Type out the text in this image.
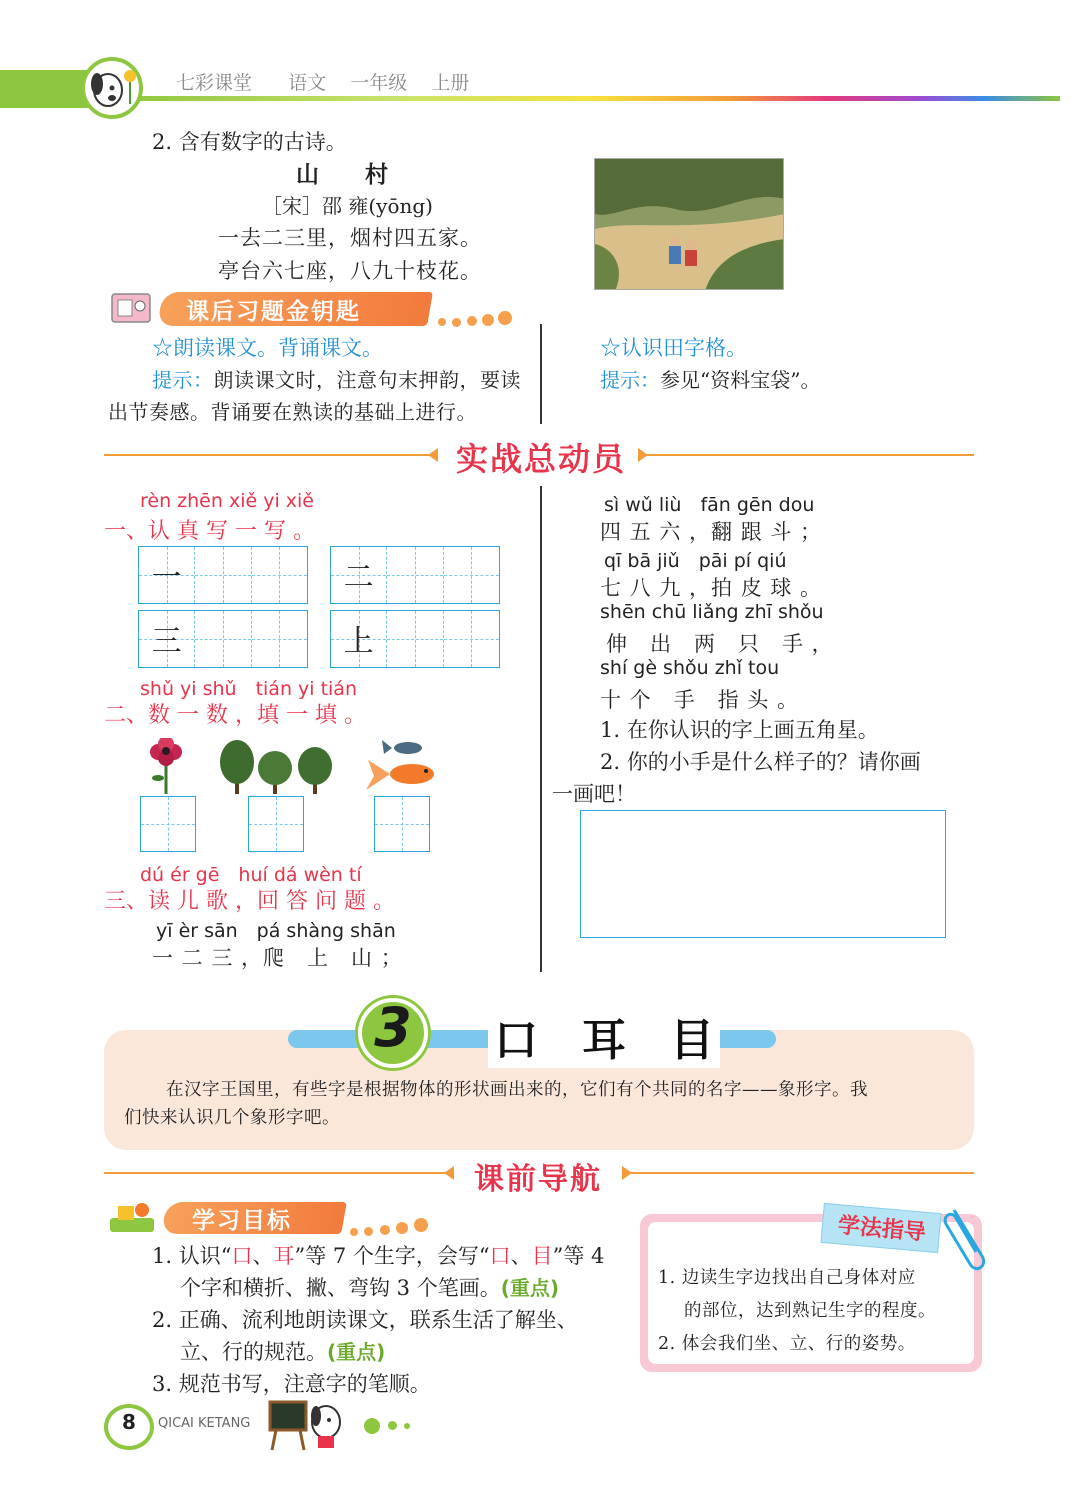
七彩课堂 语文 一年级 上册
2. 含有数字的古诗。
山　　村
［宋］邵 雍(yōng)
一去二三里，烟村四五家。
亭台六七座，八九十枝花。
课后习题金钥匙
☆朗读课文。背诵课文。
提示：朗读课文时，注意句末押韵，要读
出节奏感。背诵要在熟读的基础上进行。
☆认识田字格。
提示：参见“资料宝袋”。
实战总动员
rèn zhēn xiě yi xiě
一、认 真 写 一 写 。
一	二
三	上
shǔ yi shǔ　tián yi tián
二、数 一 数 ，填 一 填 。
dú ér gē　huí dá wèn tí
三、读 儿 歌 ，回 答 问 题 。
yī èr sān　pá shàng shān
一 二 三 ，爬　上　山 ；
sì wǔ liù　fān gēn dou
四 五 六 ，翻 跟 斗 ；
qī bā jiǔ　pāi pí qiú
七 八 九 ，拍 皮 球 。
shēn chū liǎng zhī shǒu
伸　出　两　只　手 ，
shí gè shǒu zhǐ tou
十 个　手　指 头 。
1. 在你认识的字上画五角星。
2. 你的小手是什么样子的？请你画
一画吧！
3	口　耳　目
在汉字王国里，有些字是根据物体的形状画出来的，它们有个共同的名字——象形字。我
们快来认识几个象形字吧。
课前导航
学习目标
1. 认识“口、耳”等 7 个生字，会写“口、目”等 4
个字和横折、撇、弯钩 3 个笔画。(重点)
2. 正确、流利地朗读课文，联系生活了解坐、
立、行的规范。(重点)
3. 规范书写，注意字的笔顺。
学法指导
1. 边读生字边找出自己身体对应
的部位，达到熟记生字的程度。
2. 体会我们坐、立、行的姿势。
8	QICAI KETANG
